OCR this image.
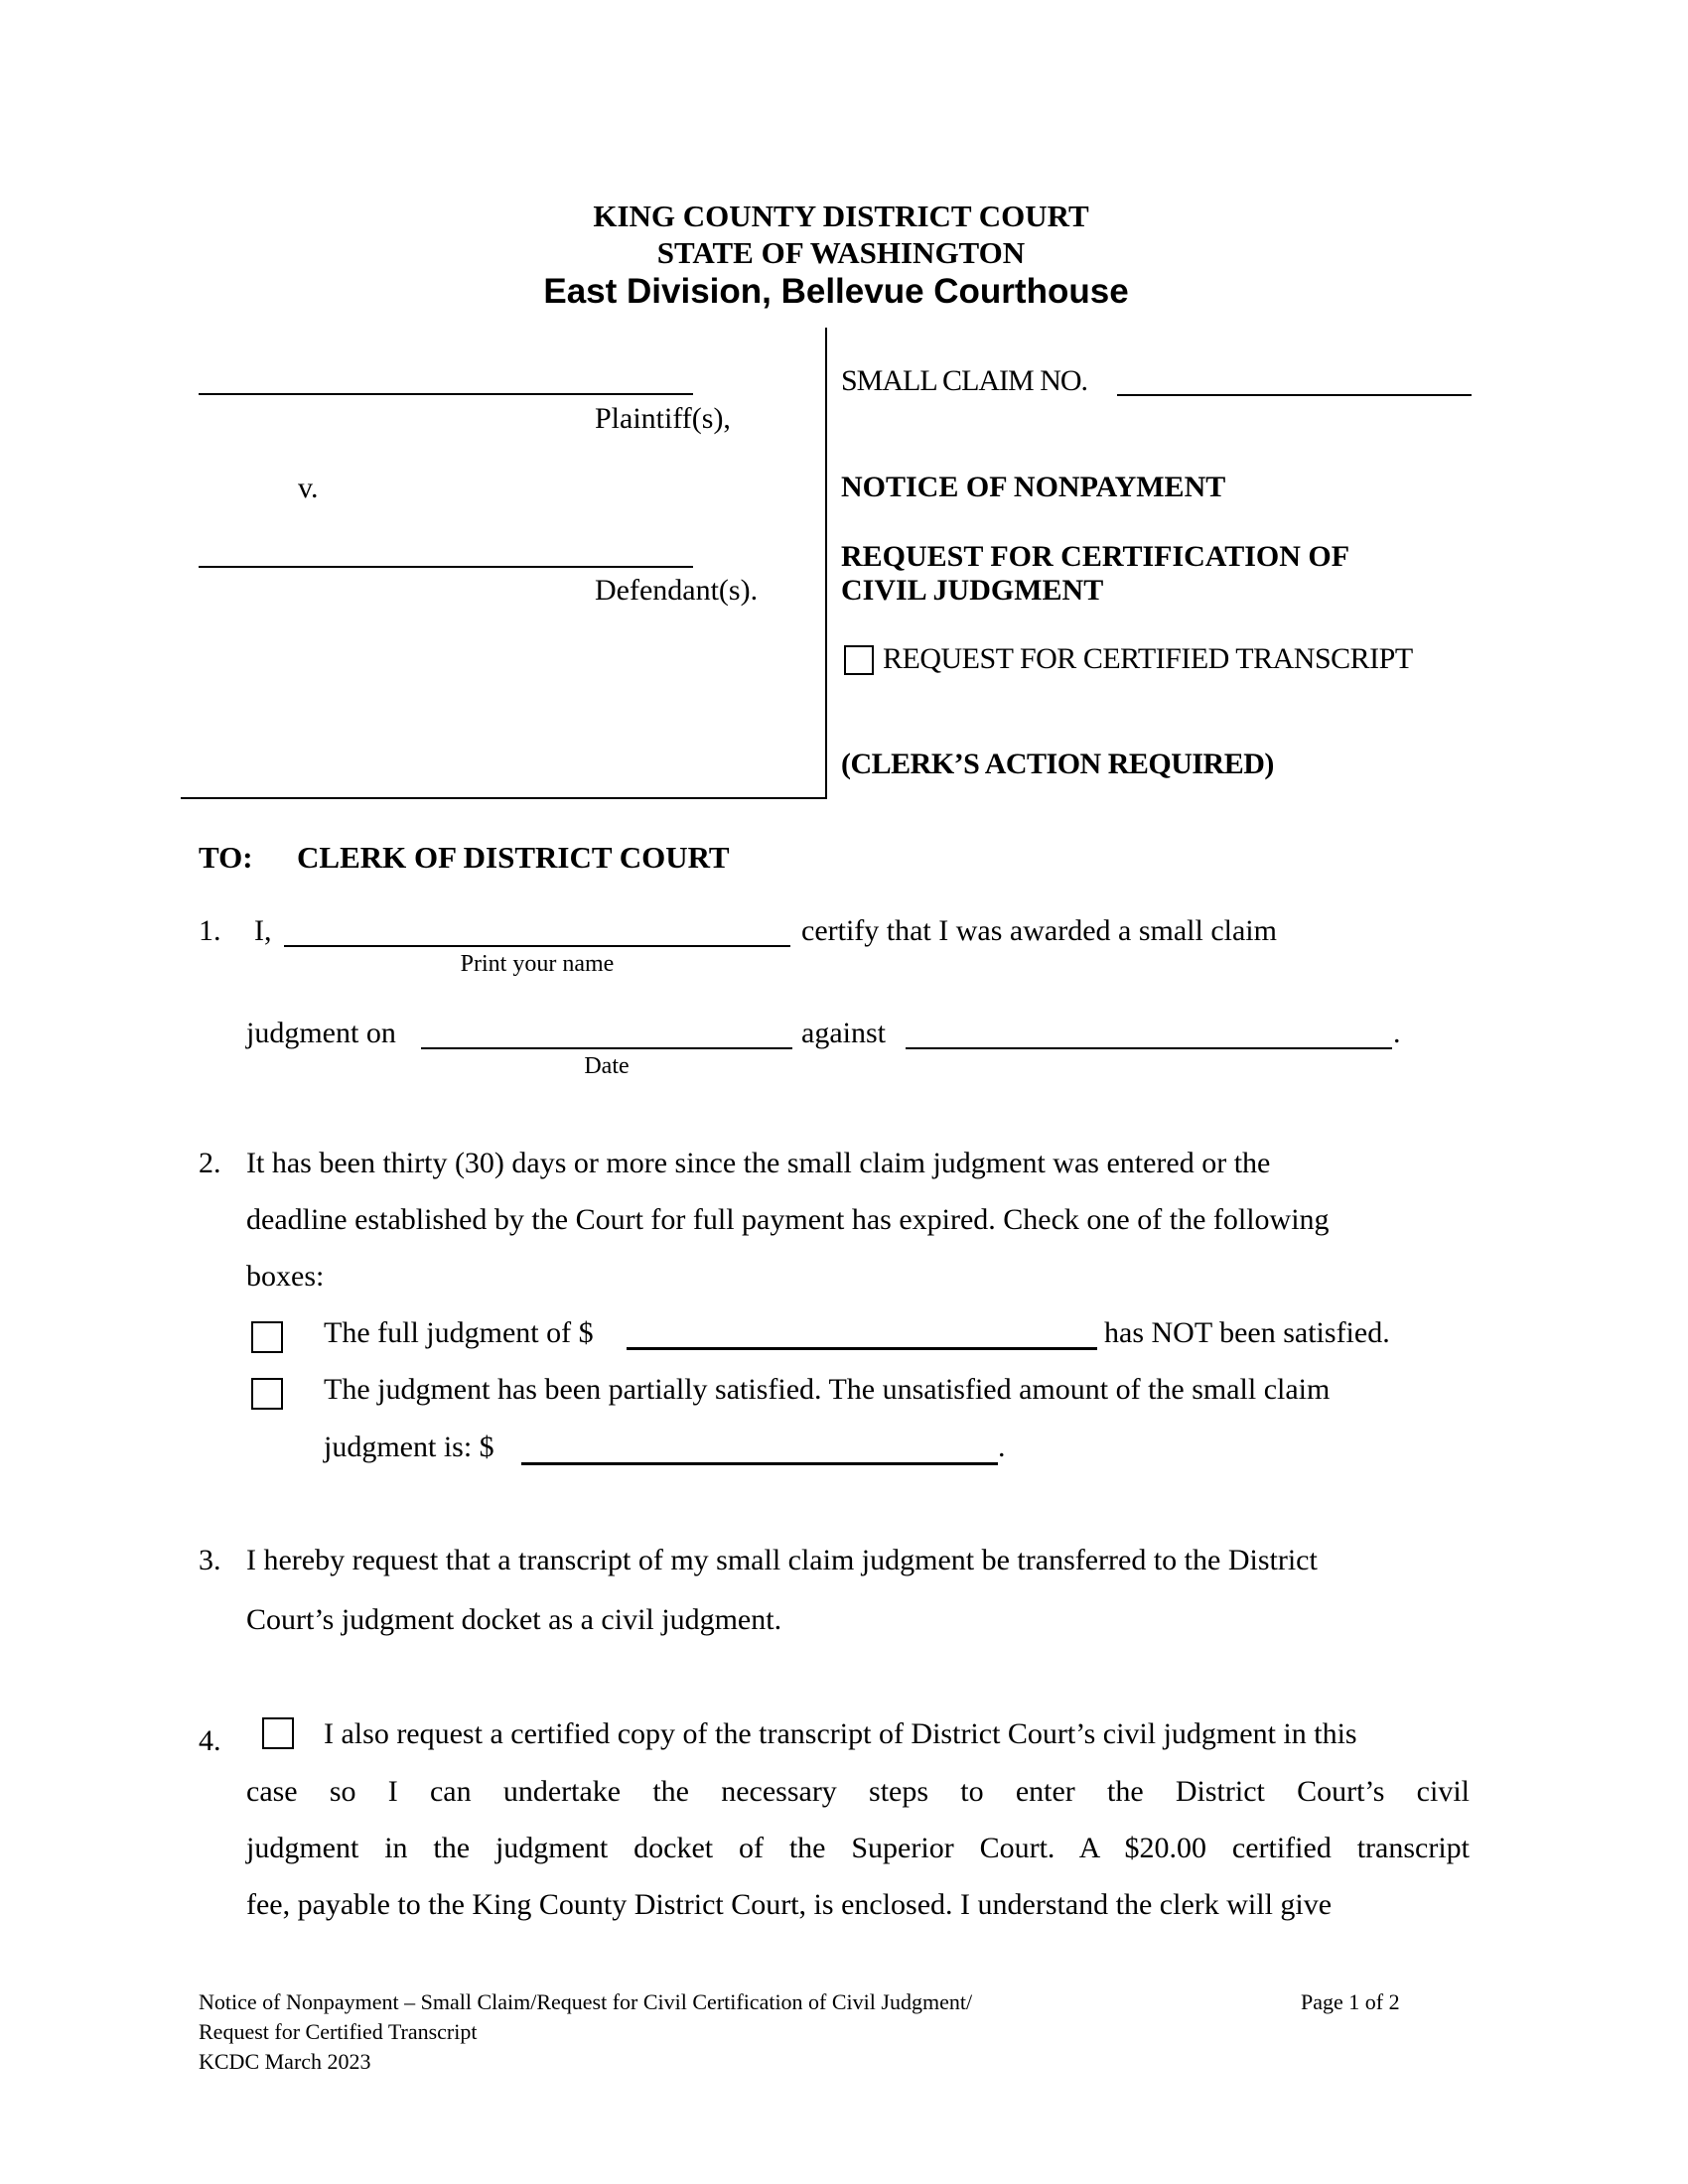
KING COUNTY DISTRICT COURT
STATE OF WASHINGTON
East Division, Bellevue Courthouse
Plaintiff(s),
v.
Defendant(s).
SMALL CLAIM NO.
NOTICE OF NONPAYMENT
REQUEST FOR CERTIFICATION OF
CIVIL JUDGMENT
REQUEST FOR CERTIFIED TRANSCRIPT
(CLERK’S ACTION REQUIRED)
TO: CLERK OF DISTRICT COURT
1. I,
Print your name
certify that I was awarded a small claim
judgment on
Date
against	.
2. It has been thirty (30) days or more since the small claim judgment was entered or the
deadline established by the Court for full payment has expired. Check one of the following
boxes:
The full judgment of $	has NOT been satisfied.
The judgment has been partially satisfied. The unsatisfied amount of the small claim
judgment is: $	.
3. I hereby request that a transcript of my small claim judgment be transferred to the District
Court’s judgment docket as a civil judgment.
4.	I also request a certified copy of the transcript of District Court’s civil judgment in this
case so I can undertake the necessary steps to enter the District Court’s civil
judgment in the judgment docket of the Superior Court. A $20.00 certified transcript
fee, payable to the King County District Court, is enclosed. I understand the clerk will give
Notice of Nonpayment – Small Claim/Request for Civil Certification of Civil Judgment/
Request for Certified Transcript
KCDC March 2023
Page 1 of 2
